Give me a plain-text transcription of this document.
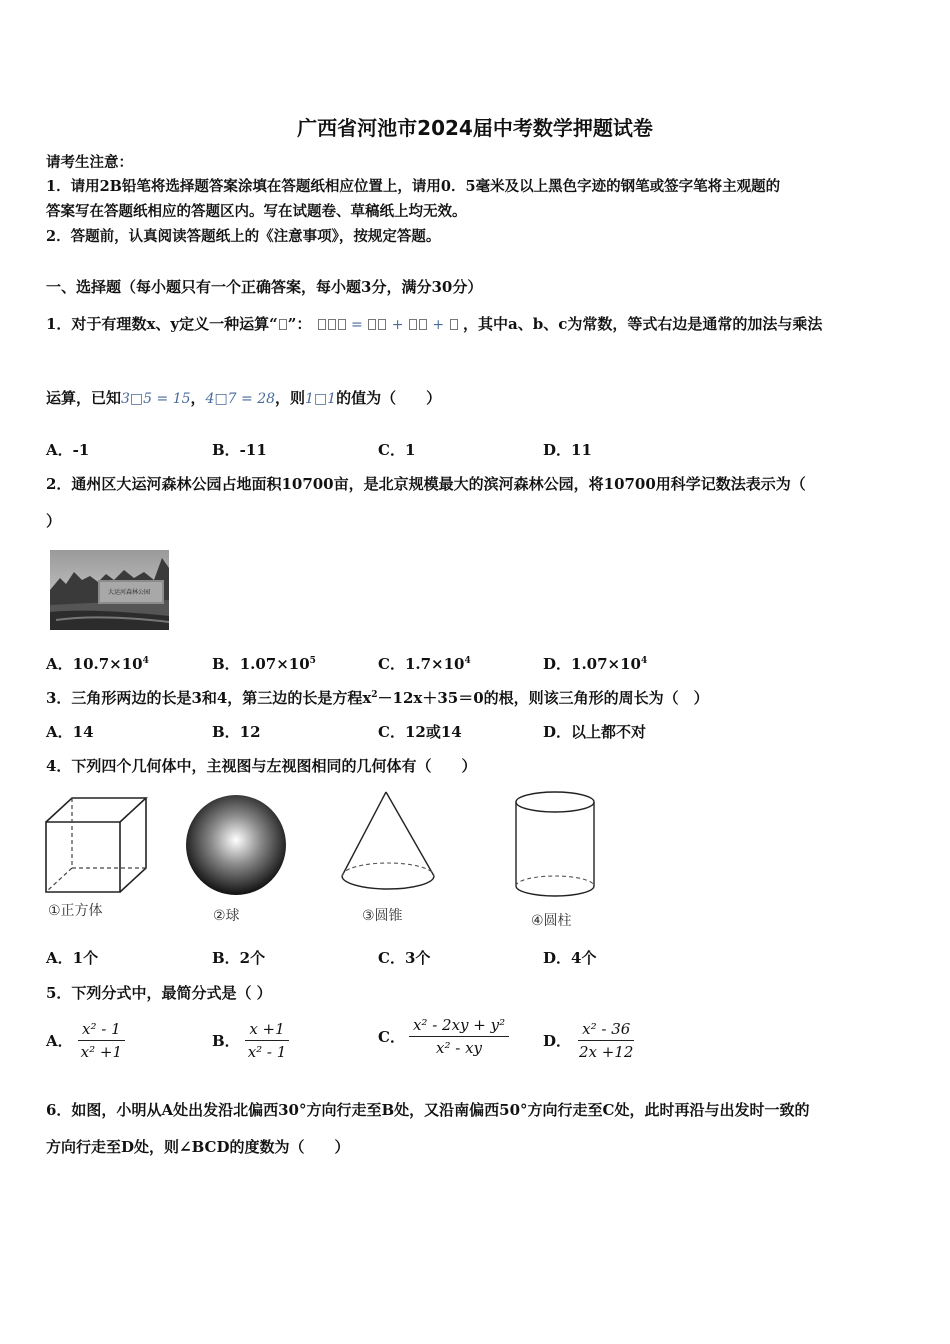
广西省河池市2024届中考数学押题试卷
请考生注意：
1．请用2B铅笔将选择题答案涂填在答题纸相应位置上，请用0．5毫米及以上黑色字迹的钢笔或签字笔将主观题的
答案写在答题纸相应的答题区内。写在试题卷、草稿纸上均无效。
2．答题前，认真阅读答题纸上的《注意事项》，按规定答题。
一、选择题（每小题只有一个正确答案，每小题3分，满分30分）
1．对于有理数x、y定义一种运算“ ”：	=  +  +  ，其中a、b、c为常数，等式右边是通常的加法与乘法
运算，已知3□5 = 15，4□7 = 28，则1□1的值为（　　）
A．-1	B．-11	C．1	D．11
2．通州区大运河森林公园占地面积10700亩，是北京规模最大的滨河森林公园，将10700用科学记数法表示为（
）
大运河森林公园
A．$10.7\times 10^4$	B．$1.07\times 10^5$	C．$1.7\times 10^4$	D．$1.07\times 10^4$
3．三角形两边的长是3和4，第三边的长是方程$x^2-12x+35=0$的根，则该三角形的周长为（　）
A．14	B．12	C．12或14	D．以上都不对
4．下列四个几何体中，主视图与左视图相同的几何体有（　　）
①正方体	②球	③圆锥	④圆柱
A．1个	B．2个	C．3个	D．4个
5．下列分式中，最简分式是（ ）
A． $\frac{\text{x² - 1}}{\text{x² +1}}$	B． $\frac{x +1}{\text{x² - 1}}$	C． $\frac{\text{x² - 2xy + y²}}{\text{x² - xy}}$ D． $\frac{\text{x² - 36}}{2x +12}$
6．如图，小明从A处出发沿北偏西30°方向行走至B处，又沿南偏西50°方向行走至C处，此时再沿与出发时一致的
方向行走至D处，则∠BCD的度数为（　　）
